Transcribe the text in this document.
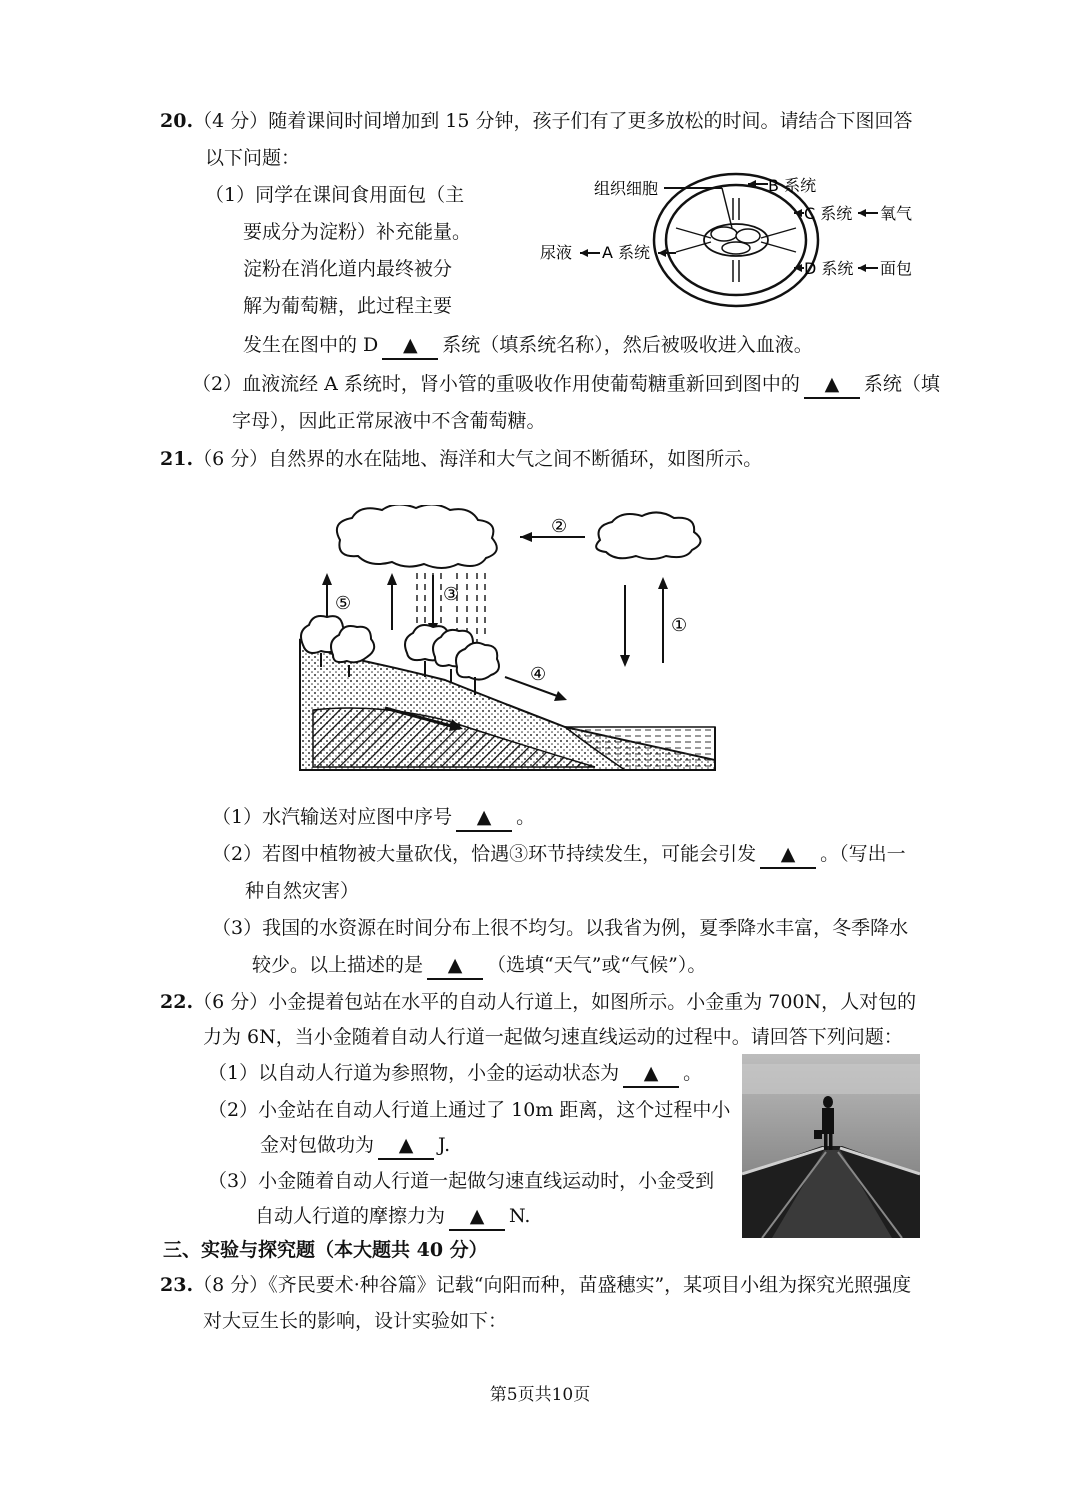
20.（4 分）随着课间时间增加到 15 分钟，孩子们有了更多放松的时间。请结合下图回答
以下问题：
（1）同学在课间食用面包（主
要成分为淀粉）补充能量。
淀粉在消化道内最终被分
解为葡萄糖，此过程主要
发生在图中的 D ▲ 系统（填系统名称），然后被吸收进入血液。
（2）血液流经 A 系统时，肾小管的重吸收作用使葡萄糖重新回到图中的 ▲ 系统（填
字母），因此正常尿液中不含葡萄糖。
组织细胞	B 系统
C 系统 氧气
尿液 A 系统
D 系统 面包
21.（6 分）自然界的水在陆地、海洋和大气之间不断循环，如图所示。
②
③
⑤
①
④
（1）水汽输送对应图中序号 ▲ 。
（2）若图中植物被大量砍伐，恰遇③环节持续发生，可能会引发 ▲ 。（写出一
种自然灾害）
（3）我国的水资源在时间分布上很不均匀。以我省为例，夏季降水丰富，冬季降水
较少。以上描述的是 ▲ （选填“天气”或“气候”）。
22.（6 分）小金提着包站在水平的自动人行道上，如图所示。小金重为 700N，人对包的
力为 6N，当小金随着自动人行道一起做匀速直线运动的过程中。请回答下列问题：
（1）以自动人行道为参照物，小金的运动状态为 ▲ 。
（2）小金站在自动人行道上通过了 10m 距离，这个过程中小
金对包做功为 ▲ J.
（3）小金随着自动人行道一起做匀速直线运动时，小金受到
自动人行道的摩擦力为 ▲ N.
三、实验与探究题（本大题共 40 分）
23.（8 分）《齐民要术·种谷篇》记载“向阳而种，苗盛穗实”，某项目小组为探究光照强度
对大豆生长的影响，设计实验如下：
第5页共10页
